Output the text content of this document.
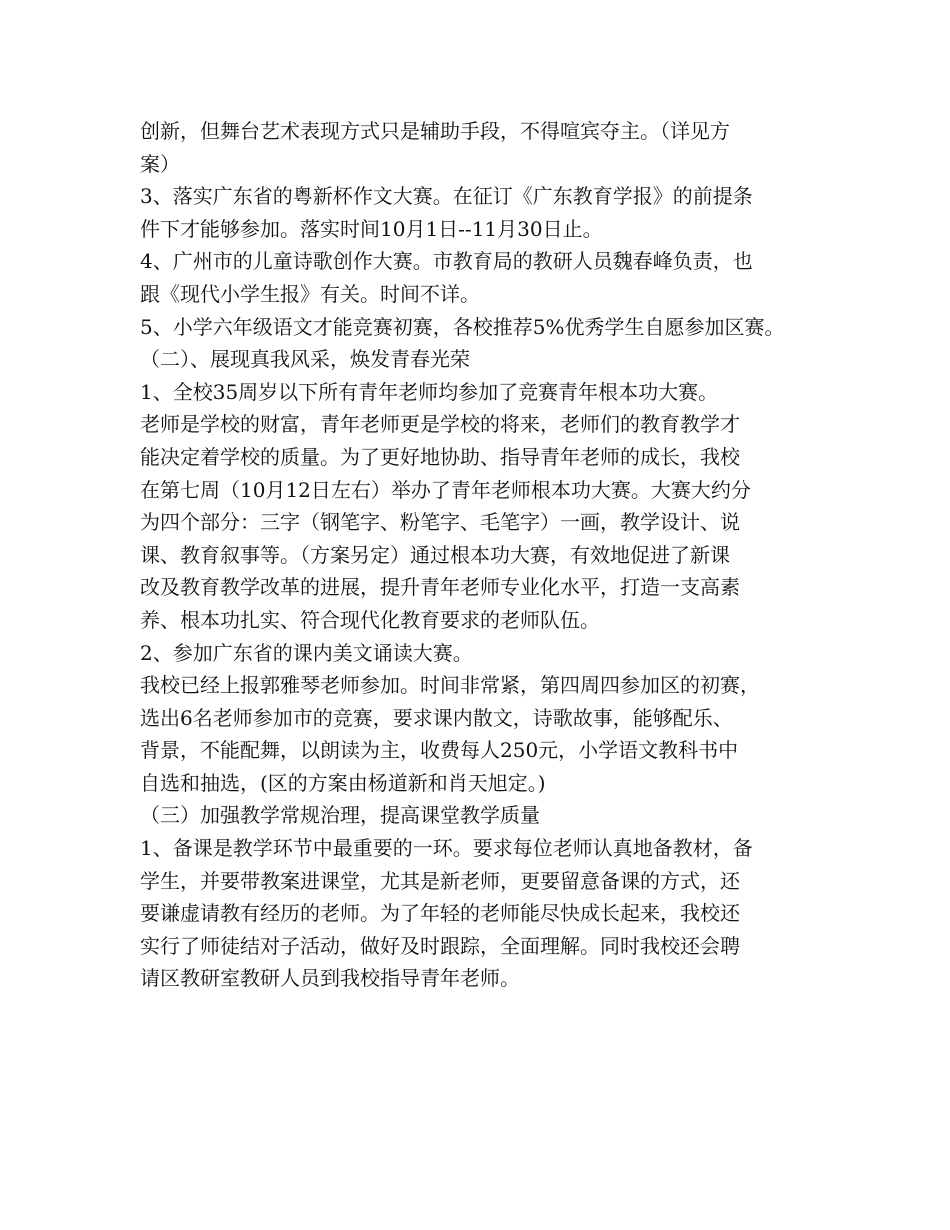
创新，但舞台艺术表现方式只是辅助手段，不得喧宾夺主。（详见方
案）
3、落实广东省的粤新杯作文大赛。在征订《广东教育学报》的前提条
件下才能够参加。落实时间10月1日--11月30日止。
4、广州市的儿童诗歌创作大赛。市教育局的教研人员魏春峰负责，也
跟《现代小学生报》有关。时间不详。
5、小学六年级语文才能竞赛初赛，各校推荐5%优秀学生自愿参加区赛。
（二）、展现真我风采，焕发青春光荣
1、全校35周岁以下所有青年老师均参加了竞赛青年根本功大赛。
老师是学校的财富，青年老师更是学校的将来，老师们的教育教学才
能决定着学校的质量。为了更好地协助、指导青年老师的成长，我校
在第七周（10月12日左右）举办了青年老师根本功大赛。大赛大约分
为四个部分：三字（钢笔字、粉笔字、毛笔字）一画，教学设计、说
课、教育叙事等。（方案另定）通过根本功大赛，有效地促进了新课
改及教育教学改革的进展，提升青年老师专业化水平，打造一支高素
养、根本功扎实、符合现代化教育要求的老师队伍。
2、参加广东省的课内美文诵读大赛。
我校已经上报郭雅琴老师参加。时间非常紧，第四周四参加区的初赛，
选出6名老师参加市的竞赛，要求课内散文，诗歌故事，能够配乐、
背景，不能配舞，以朗读为主，收费每人250元，小学语文教科书中
自选和抽选，(区的方案由杨道新和肖天旭定。)
（三）加强教学常规治理，提高课堂教学质量
1、备课是教学环节中最重要的一环。要求每位老师认真地备教材，备
学生，并要带教案进课堂，尤其是新老师，更要留意备课的方式，还
要谦虚请教有经历的老师。为了年轻的老师能尽快成长起来，我校还
实行了师徒结对子活动，做好及时跟踪，全面理解。同时我校还会聘
请区教研室教研人员到我校指导青年老师。
